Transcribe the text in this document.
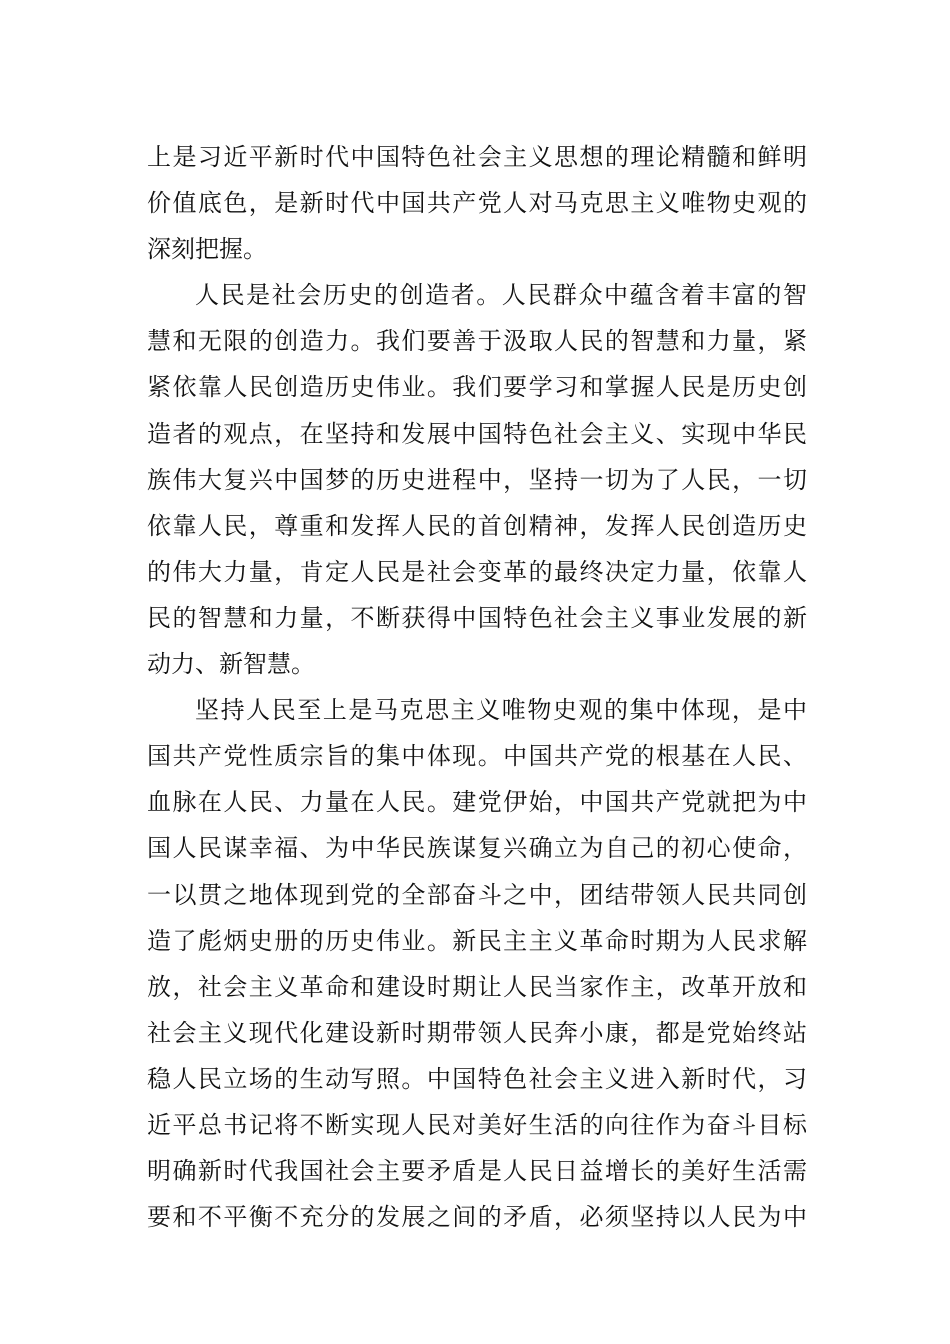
上是习近平新时代中国特色社会主义思想的理论精髓和鲜明
价值底色，是新时代中国共产党人对马克思主义唯物史观的
深刻把握。
人民是社会历史的创造者。人民群众中蕴含着丰富的智
慧和无限的创造力。我们要善于汲取人民的智慧和力量，紧
紧依靠人民创造历史伟业。我们要学习和掌握人民是历史创
造者的观点，在坚持和发展中国特色社会主义、实现中华民
族伟大复兴中国梦的历史进程中，坚持一切为了人民，一切
依靠人民，尊重和发挥人民的首创精神，发挥人民创造历史
的伟大力量，肯定人民是社会变革的最终决定力量，依靠人
民的智慧和力量，不断获得中国特色社会主义事业发展的新
动力、新智慧。
坚持人民至上是马克思主义唯物史观的集中体现，是中
国共产党性质宗旨的集中体现。中国共产党的根基在人民、
血脉在人民、力量在人民。建党伊始，中国共产党就把为中
国人民谋幸福、为中华民族谋复兴确立为自己的初心使命，
一以贯之地体现到党的全部奋斗之中，团结带领人民共同创
造了彪炳史册的历史伟业。新民主主义革命时期为人民求解
放，社会主义革命和建设时期让人民当家作主，改革开放和
社会主义现代化建设新时期带领人民奔小康，都是党始终站
稳人民立场的生动写照。中国特色社会主义进入新时代，习
近平总书记将不断实现人民对美好生活的向往作为奋斗目标
明确新时代我国社会主要矛盾是人民日益增长的美好生活需
要和不平衡不充分的发展之间的矛盾，必须坚持以人民为中
